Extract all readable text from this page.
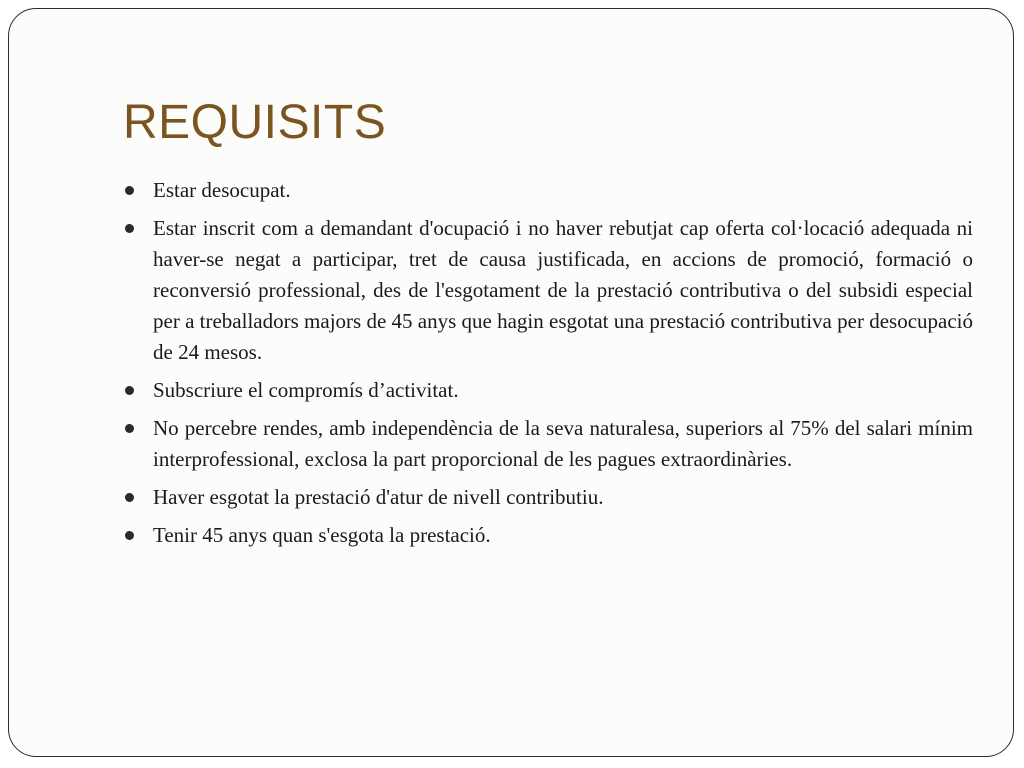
REQUISITS
Estar desocupat.
Estar inscrit com a demandant d'ocupació i no haver rebutjat cap oferta col·locació adequada ni haver-se negat a participar, tret de causa justificada, en accions de promoció, formació o reconversió professional, des de l'esgotament de la prestació contributiva o del subsidi especial per a treballadors majors de 45 anys que hagin esgotat una prestació contributiva per desocupació de 24 mesos.
Subscriure el compromís d’activitat.
No percebre rendes, amb independència de la seva naturalesa, superiors al 75% del salari mínim interprofessional, exclosa la part proporcional de les pagues extraordinàries.
Haver esgotat la prestació d'atur de nivell contributiu.
Tenir 45 anys quan s'esgota la prestació.
